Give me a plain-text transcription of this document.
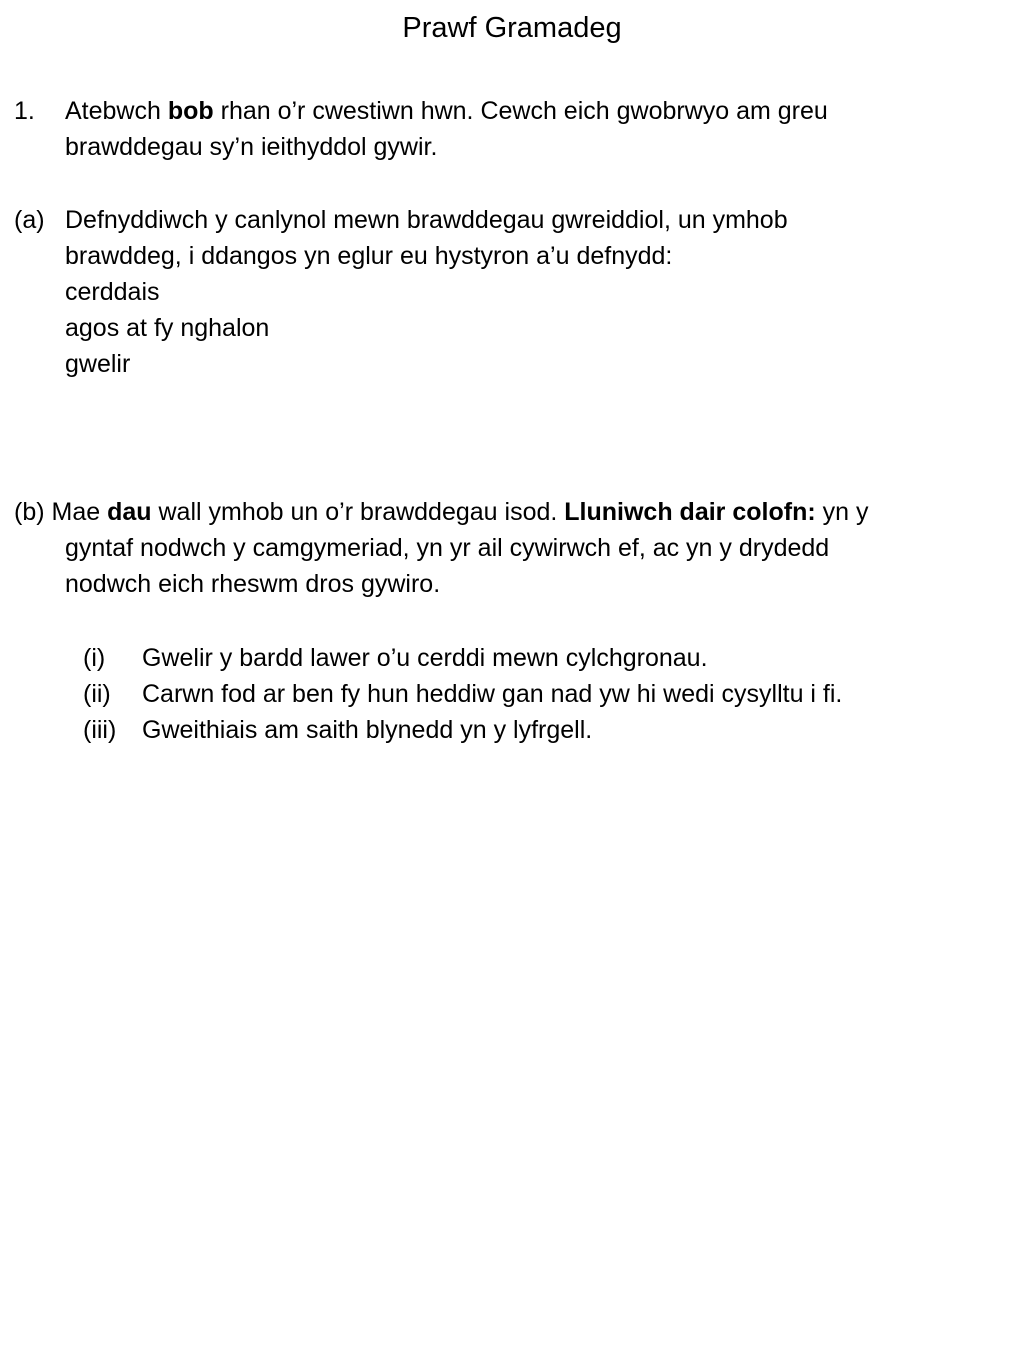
Prawf Gramadeg
1.	Atebwch bob rhan o’r cwestiwn hwn. Cewch eich gwobrwyo am greu
brawddegau sy’n ieithyddol gywir.
(a) Defnyddiwch y canlynol mewn brawddegau gwreiddiol, un ymhob
brawddeg, i ddangos yn eglur eu hystyron a’u defnydd:
cerddais
agos at fy nghalon
gwelir
(b) Mae dau wall ymhob un o’r brawddegau isod. Lluniwch dair colofn: yn y
gyntaf nodwch y camgymeriad, yn yr ail cywirwch ef, ac yn y drydedd
nodwch eich rheswm dros gywiro.
(i)	Gwelir y bardd lawer o’u cerddi mewn cylchgronau.
(ii)	Carwn fod ar ben fy hun heddiw gan nad yw hi wedi cysylltu i fi.
(iii)	Gweithiais am saith blynedd yn y lyfrgell.
